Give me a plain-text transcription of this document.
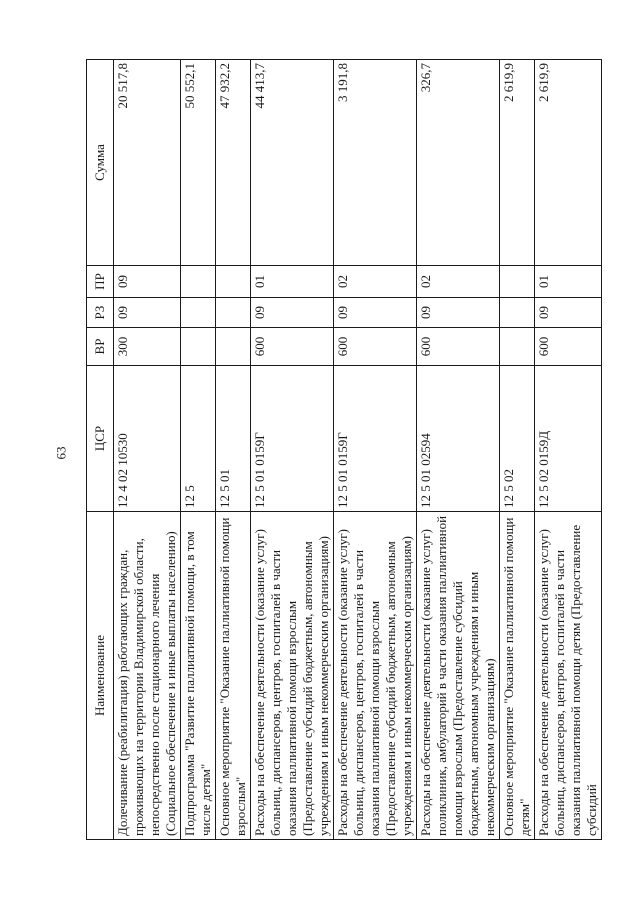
63
Наименование	ЦСР	ВР	РЗ	ПР	Сумма
Долечивание (реабилитация) работающих граждан, проживающих на территории Владимирской области, непосредственно после стационарного лечения (Социальное обеспечение и иные выплаты населению)	12 4 02 10530	300	09	09	20 517,8
Подпрограмма "Развитие паллиативной помощи, в том числе детям"	12 5				50 552,1
Основное мероприятие "Оказание паллиативной помощи взрослым"	12 5 01				47 932,2
Расходы на обеспечение деятельности (оказание услуг) больниц, диспансеров, центров, госпиталей в части оказания паллиативной помощи взрослым (Предоставление субсидий бюджетным, автономным учреждениям и иным некоммерческим организациям)	12 5 01 0159Г	600	09	01	44 413,7
Расходы на обеспечение деятельности (оказание услуг) больниц, диспансеров, центров, госпиталей в части оказания паллиативной помощи взрослым (Предоставление субсидий бюджетным, автономным учреждениям и иным некоммерческим организациям)	12 5 01 0159Г	600	09	02	3 191,8
Расходы на обеспечение деятельности (оказание услуг) поликлиник, амбулаторий в части оказания паллиативной помощи взрослым (Предоставление субсидий бюджетным, автономным учреждениям и иным некоммерческим организациям)	12 5 01 02594	600	09	02	326,7
Основное мероприятие "Оказание паллиативной помощи детям"	12 5 02				2 619,9
Расходы на обеспечение деятельности (оказание услуг) больниц, диспансеров, центров, госпиталей в части оказания паллиативной помощи детям (Предоставление субсидий	12 5 02 0159Д	600	09	01	2 619,9
